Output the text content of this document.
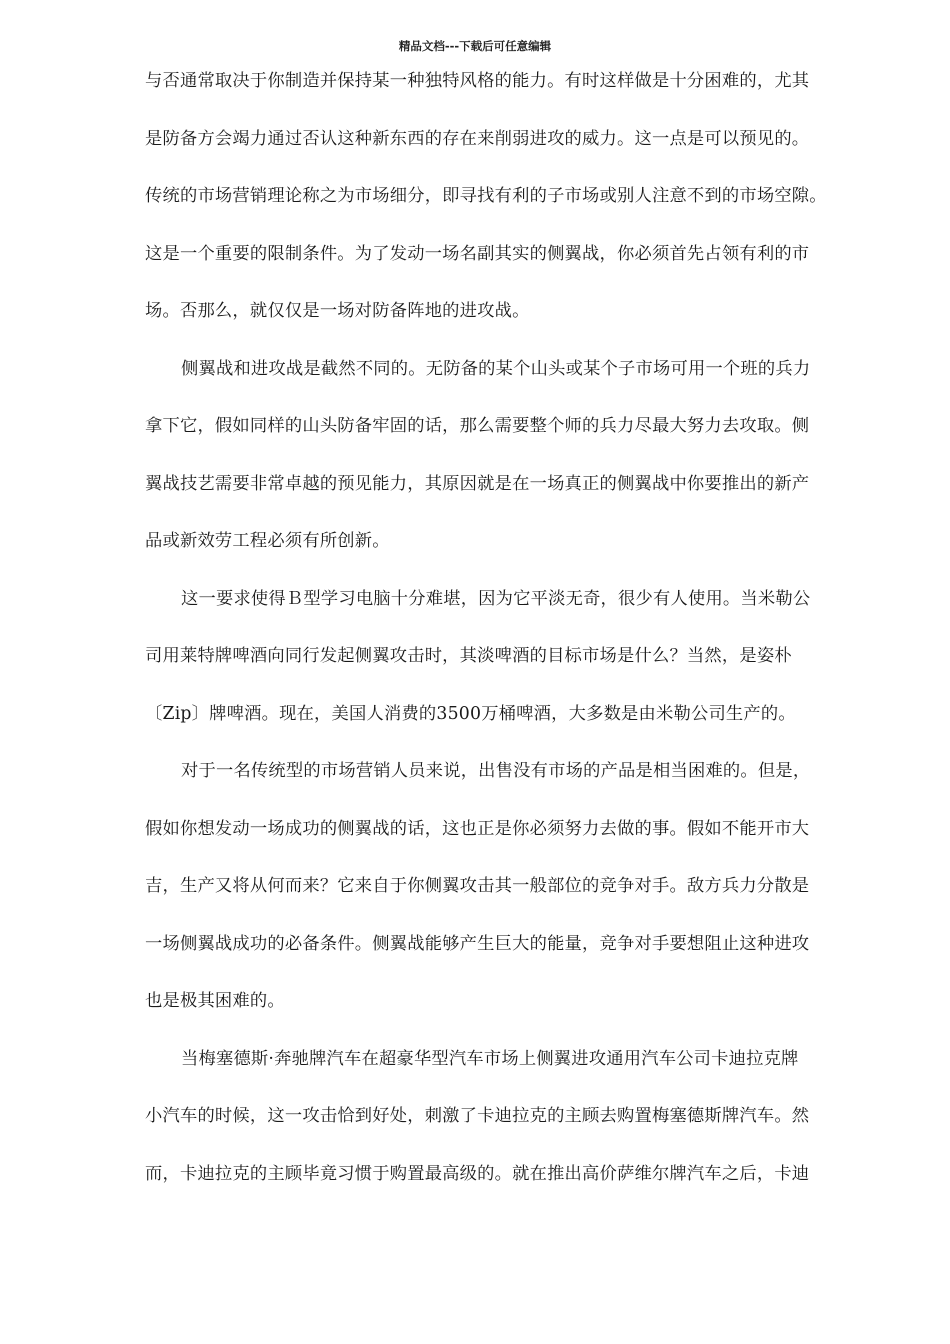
精品文档---下载后可任意编辑
与否通常取决于你制造并保持某一种独特风格的能力。有时这样做是十分困难的，尤其
是防备方会竭力通过否认这种新东西的存在来削弱进攻的威力。这一点是可以预见的。
传统的市场营销理论称之为市场细分，即寻找有利的子市场或别人注意不到的市场空隙。
这是一个重要的限制条件。为了发动一场名副其实的侧翼战，你必须首先占领有利的市
场。否那么，就仅仅是一场对防备阵地的进攻战。
侧翼战和进攻战是截然不同的。无防备的某个山头或某个子市场可用一个班的兵力
拿下它，假如同样的山头防备牢固的话，那么需要整个师的兵力尽最大努力去攻取。侧
翼战技艺需要非常卓越的预见能力，其原因就是在一场真正的侧翼战中你要推出的新产
品或新效劳工程必须有所创新。
这一要求使得Ｂ型学习电脑十分难堪，因为它平淡无奇，很少有人使用。当米勒公
司用莱特牌啤酒向同行发起侧翼攻击时，其淡啤酒的目标市场是什么？当然，是姿朴
〔Zip〕牌啤酒。现在，美国人消费的3500万桶啤酒，大多数是由米勒公司生产的。
对于一名传统型的市场营销人员来说，出售没有市场的产品是相当困难的。但是，
假如你想发动一场成功的侧翼战的话，这也正是你必须努力去做的事。假如不能开市大
吉，生产又将从何而来？它来自于你侧翼攻击其一般部位的竞争对手。敌方兵力分散是
一场侧翼战成功的必备条件。侧翼战能够产生巨大的能量，竞争对手要想阻止这种进攻
也是极其困难的。
当梅塞德斯·奔驰牌汽车在超豪华型汽车市场上侧翼进攻通用汽车公司卡迪拉克牌
小汽车的时候，这一攻击恰到好处，刺激了卡迪拉克的主顾去购置梅塞德斯牌汽车。然
而，卡迪拉克的主顾毕竟习惯于购置最高级的。就在推出高价萨维尔牌汽车之后，卡迪
